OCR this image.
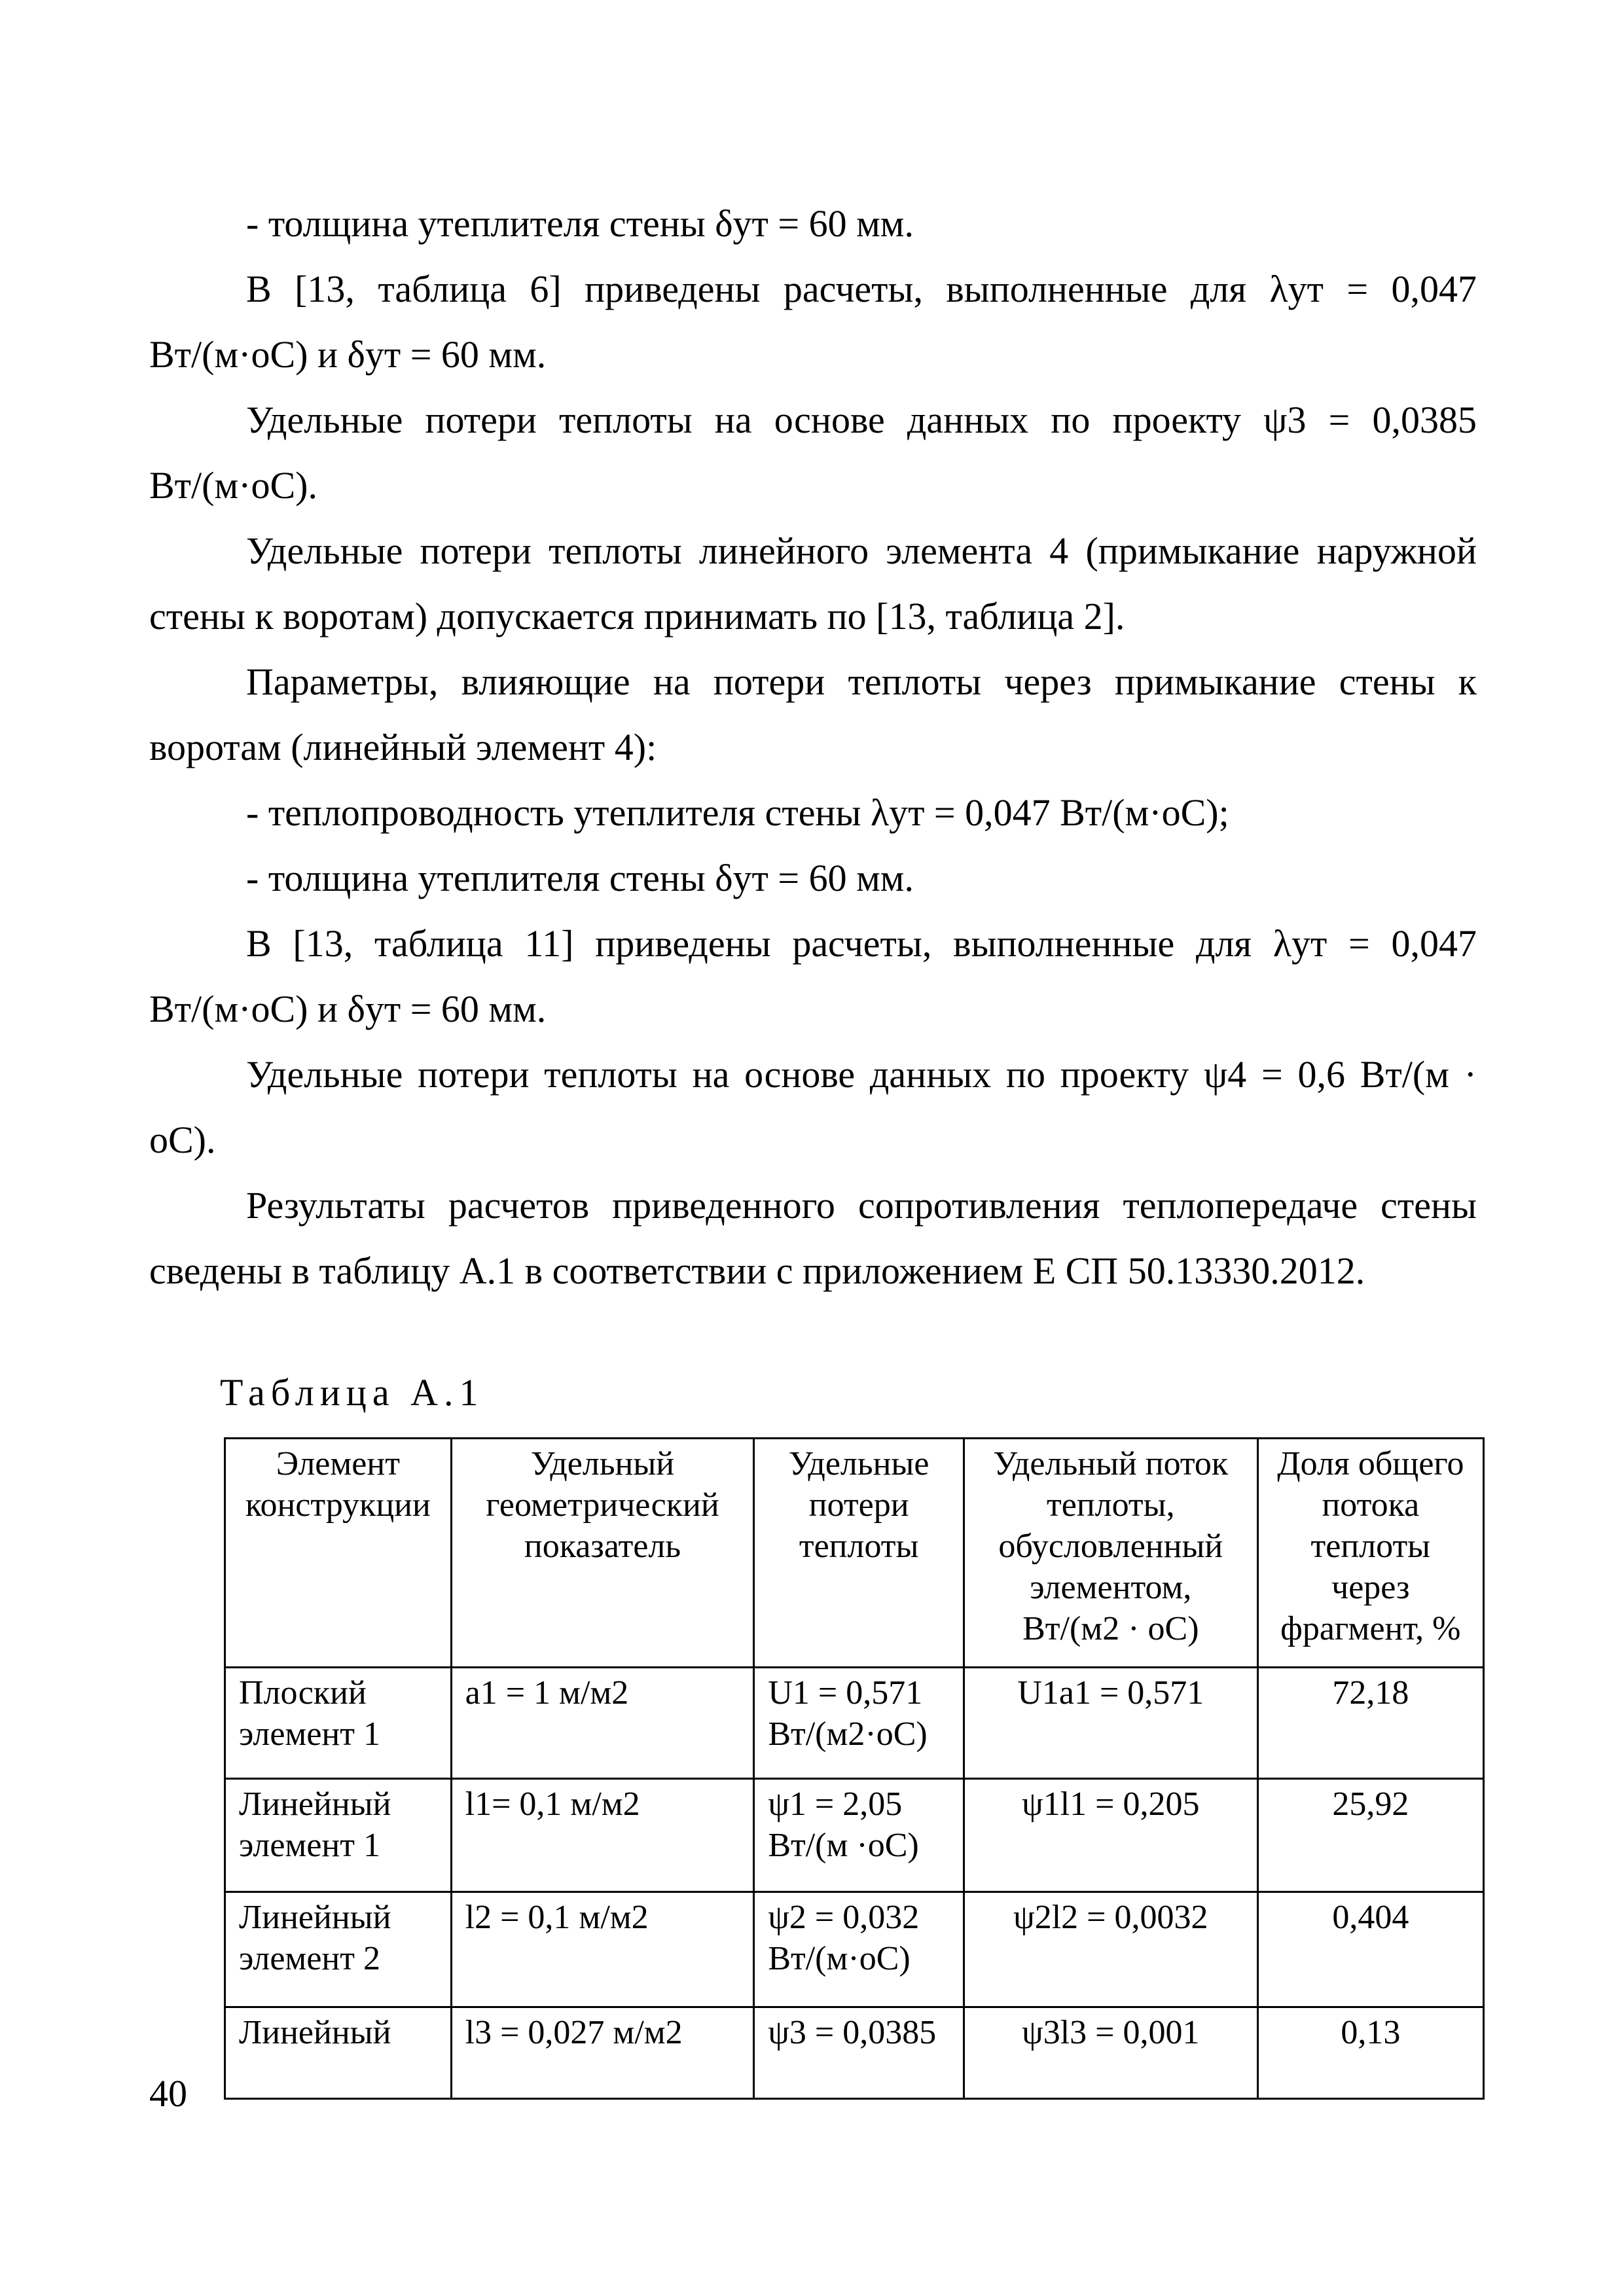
- толщина утеплителя стены δут = 60 мм.
В [13, таблица 6] приведены расчеты, выполненные для λут = 0,047
Вт/(м·оС) и δут = 60 мм.
Удельные потери теплоты на основе данных по проекту ψ3 = 0,0385
Вт/(м·оС).
Удельные потери теплоты линейного элемента 4 (примыкание наружной
стены к воротам) допускается принимать по [13, таблица 2].
Параметры, влияющие на потери теплоты через примыкание стены к
воротам (линейный элемент 4):
- теплопроводность утеплителя стены λут = 0,047 Вт/(м·оС);
- толщина утеплителя стены δут = 60 мм.
В [13, таблица 11] приведены расчеты, выполненные для λут = 0,047
Вт/(м·оС) и δут = 60 мм.
Удельные потери теплоты на основе данных по проекту ψ4 = 0,6 Вт/(м ·
оС).
Результаты расчетов приведенного сопротивления теплопередаче стены
сведены в таблицу А.1 в соответствии с приложением Е СП 50.13330.2012.
Таблица А.1
Элемент конструкции	Удельный геометрический показатель	Удельные потери теплоты	Удельный поток теплоты, обусловленный элементом, Вт/(м2 · оС)	Доля общего потока теплоты через фрагмент, %
Плоский элемент 1	a1 = 1 м/м2	U1 = 0,571 Вт/(м2·оС)	U1a1 = 0,571	72,18
Линейный элемент 1	l1= 0,1 м/м2	ψ1 = 2,05 Вт/(м ·оС)	ψ1l1 = 0,205	25,92
Линейный элемент 2	l2 = 0,1 м/м2	ψ2 = 0,032 Вт/(м·оС)	ψ2l2 = 0,0032	0,404
Линейный	l3 = 0,027 м/м2	ψ3 = 0,0385	ψ3l3 = 0,001	0,13
40
